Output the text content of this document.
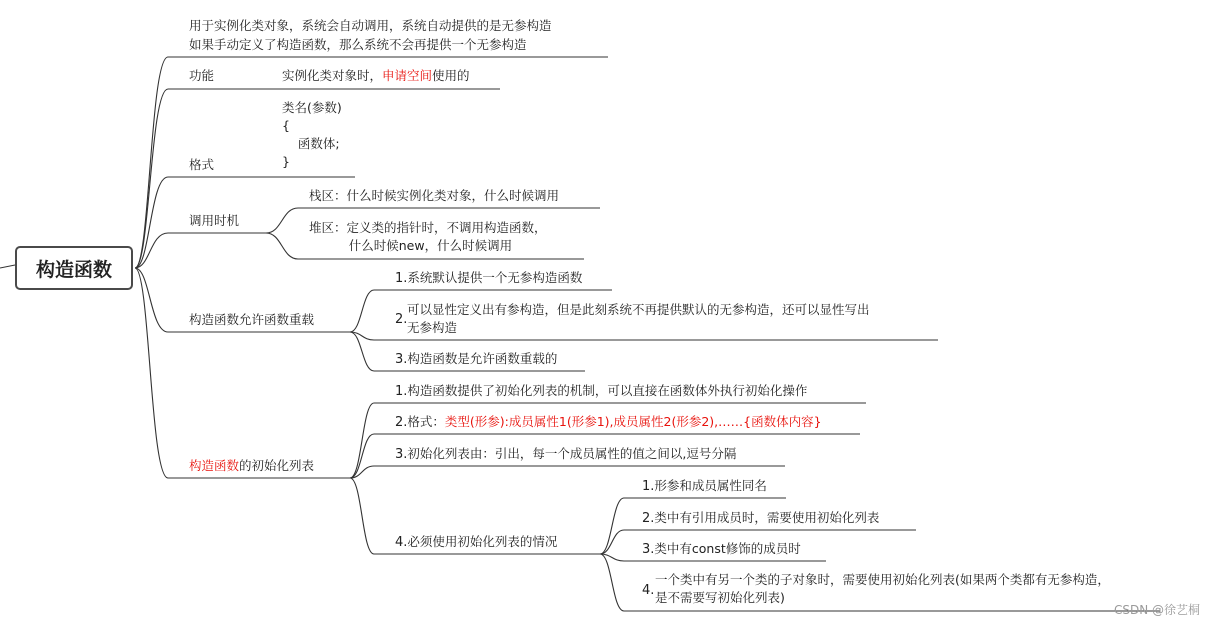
构造函数
用于实例化类对象，系统会自动调用，系统自动提供的是无参构造
如果手动定义了构造函数，那么系统不会再提供一个无参构造
功能	实例化类对象时，申请空间使用的
格式
类名(参数)
{
函数体;
}
调用时机
栈区：什么时候实例化类对象，什么时候调用
堆区：定义类的指针时，不调用构造函数，
什么时候new，什么时候调用
构造函数允许函数重载
1.系统默认提供一个无参构造函数
2.
可以显性定义出有参构造，但是此刻系统不再提供默认的无参构造，还可以显性写出
无参构造
3.构造函数是允许函数重载的
构造函数的初始化列表
1.构造函数提供了初始化列表的机制，可以直接在函数体外执行初始化操作
2.格式：类型(形参):成员属性1(形参1),成员属性2(形参2),……{函数体内容}
3.初始化列表由：引出，每一个成员属性的值之间以,逗号分隔
4.必须使用初始化列表的情况
1.形参和成员属性同名
2.类中有引用成员时，需要使用初始化列表
3.类中有const修饰的成员时
4.
一个类中有另一个类的子对象时，需要使用初始化列表(如果两个类都有无参构造，
是不需要写初始化列表)
CSDN @徐艺桐
